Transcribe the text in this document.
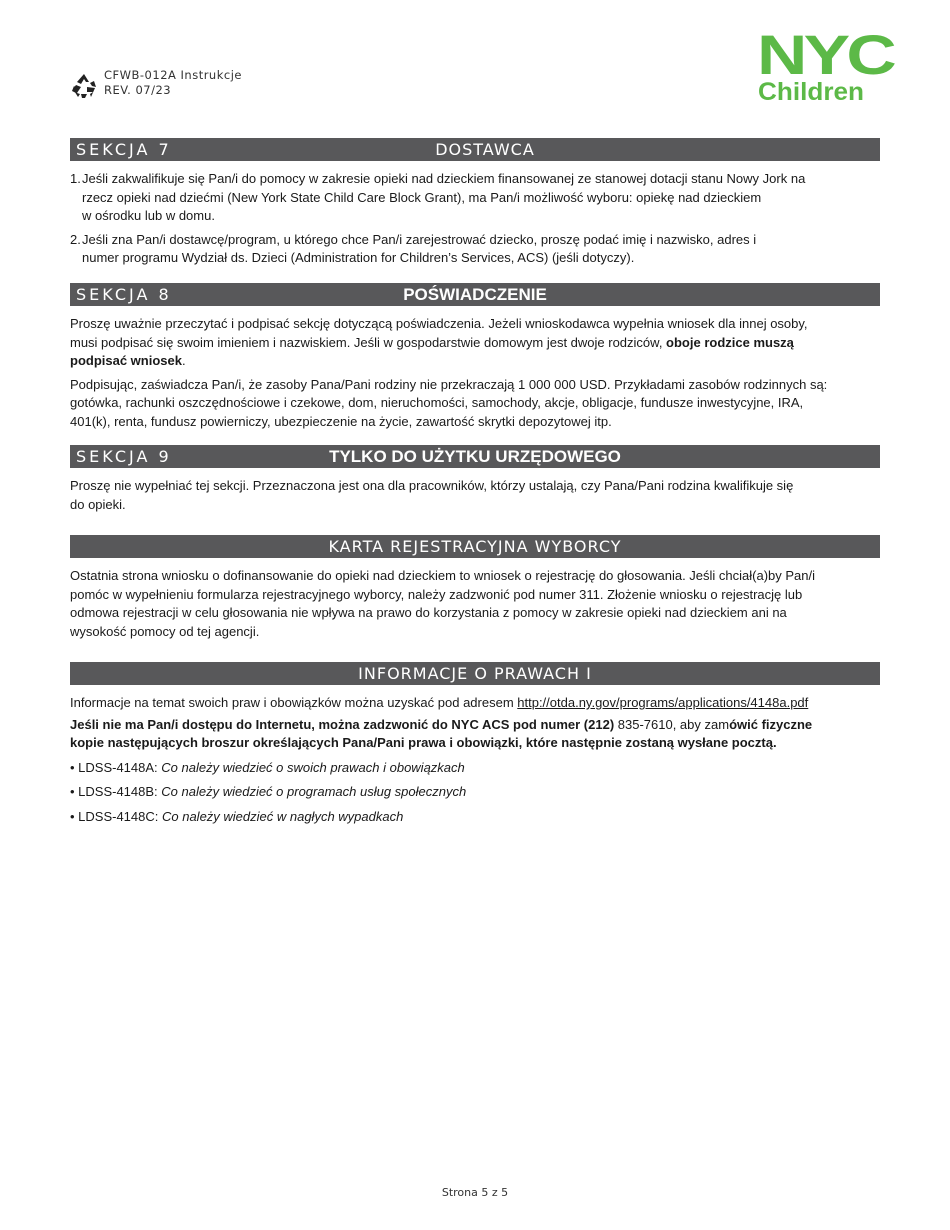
CFWB-012A Instrukcje
REV. 07/23
NYC
Children
SEKCJA 7	DOSTAWCA
1. Jeśli zakwalifikuje się Pan/i do pomocy w zakresie opieki nad dzieckiem finansowanej ze stanowej dotacji stanu Nowy Jork na

rzecz opieki nad dziećmi (New York State Child Care Block Grant), ma Pan/i możliwość wyboru: opiekę nad dzieckiem

w ośrodku lub w domu.

2. Jeśli zna Pan/i dostawcę/program, u którego chce Pan/i zarejestrować dziecko, proszę podać imię i nazwisko, adres i

numer programu Wydział ds. Dzieci (Administration for Children’s Services, ACS) (jeśli dotyczy).

SEKCJA 8	POŚWIADCZENIE

Proszę uważnie przeczytać i podpisać sekcję dotyczącą poświadczenia. Jeżeli wnioskodawca wypełnia wniosek dla innej osoby,

musi podpisać się swoim imieniem i nazwiskiem. Jeśli w gospodarstwie domowym jest dwoje rodziców, oboje rodzice muszą

podpisać wniosek.

Podpisując, zaświadcza Pan/i, że zasoby Pana/Pani rodziny nie przekraczają 1 000 000 USD. Przykładami zasobów rodzinnych są:

gotówka, rachunki oszczędnościowe i czekowe, dom, nieruchomości, samochody, akcje, obligacje, fundusze inwestycyjne, IRA,

401(k), renta, fundusz powierniczy, ubezpieczenie na życie, zawartość skrytki depozytowej itp.

SEKCJA 9	TYLKO DO UŻYTKU URZĘDOWEGO

Proszę nie wypełniać tej sekcji. Przeznaczona jest ona dla pracowników, którzy ustalają, czy Pana/Pani rodzina kwalifikuje się

do opieki.

KARTA REJESTRACYJNA WYBORCY

Ostatnia strona wniosku o dofinansowanie do opieki nad dzieckiem to wniosek o rejestrację do głosowania. Jeśli chciał(a)by Pan/i

pomóc w wypełnieniu formularza rejestracyjnego wyborcy, należy zadzwonić pod numer 311. Złożenie wniosku o rejestrację lub

odmowa rejestracji w celu głosowania nie wpływa na prawo do korzystania z pomocy w zakresie opieki nad dzieckiem ani na

wysokość pomocy od tej agencji.

INFORMACJE O PRAWACH I

Informacje na temat swoich praw i obowiązków można uzyskać pod adresem http://otda.ny.gov/programs/applications/4148a.pdf

Jeśli nie ma Pan/i dostępu do Internetu, można zadzwonić do NYC ACS pod numer (212) 835-7610, aby zamówić fizyczne

kopie następujących broszur określających Pana/Pani prawa i obowiązki, które następnie zostaną wysłane pocztą.

• LDSS-4148A: Co należy wiedzieć o swoich prawach i obowiązkach

• LDSS-4148B: Co należy wiedzieć o programach usług społecznych

• LDSS-4148C: Co należy wiedzieć w nagłych wypadkach

Strona 5 z 5
